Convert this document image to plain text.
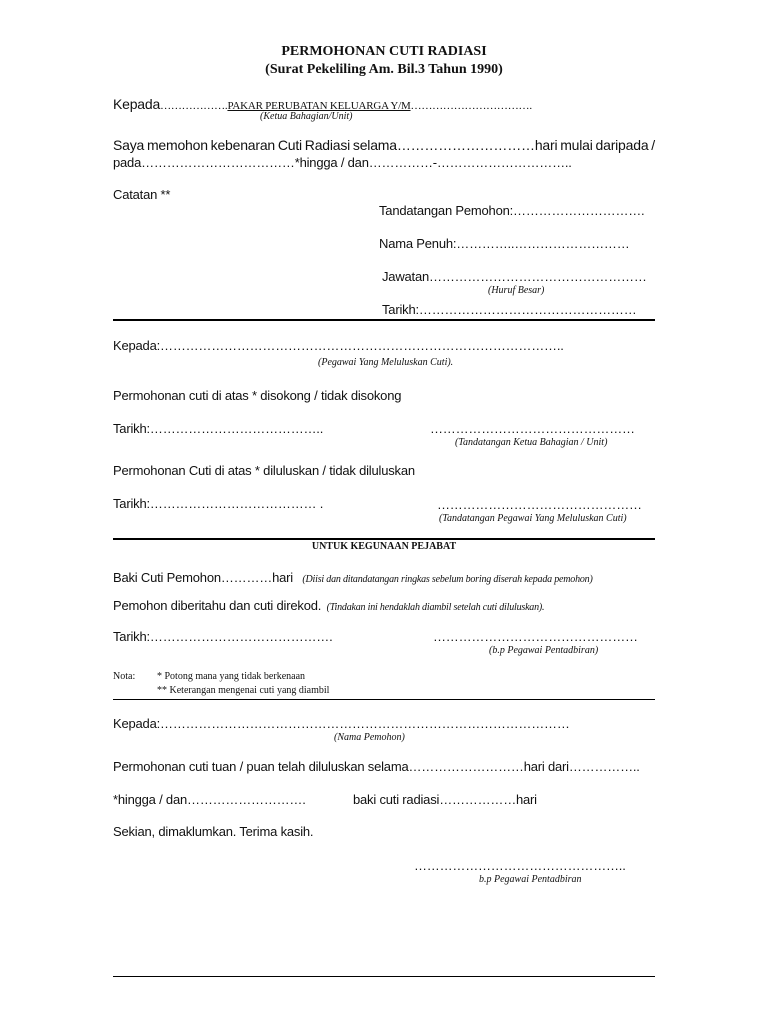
PERMOHONAN CUTI RADIASI
(Surat Pekeliling Am. Bil.3 Tahun 1990)
Kepada……………….PAKAR PERUBATAN KELUARGA Y/M…………………………….
(Ketua Bahagian/Unit)
Saya memohon kebenaran Cuti Radiasi selama…………………………hari mulai daripada /
pada………………………………*hingga / dan……………-…………………………..
Catatan **
Tandatangan Pemohon:………………………….
Nama Penuh:…………..………………………
Jawatan……………………………………………
(Huruf Besar)
Tarikh:……………………………………………
Kepada:…………………………………………………………………………………..
(Pegawai Yang Meluluskan Cuti).
Permohonan cuti di atas * disokong / tidak disokong
Tarikh:…………………………………..	…………………………………………
(Tandatangan Ketua Bahagian / Unit)
Permohonan Cuti di atas * diluluskan / tidak diluluskan
Tarikh:………………………………… .	…………………………………………
(Tandatangan Pegawai Yang Meluluskan Cuti)
UNTUK KEGUNAAN PEJABAT
Baki Cuti Pemohon…………hari (Diisi dan ditandatangan ringkas sebelum boring diserah kepada pemohon)
Pemohon diberitahu dan cuti direkod. (Tindakan ini hendaklah diambil setelah cuti diluluskan).
Tarikh:…………………………………….	…………………………………………
(b.p Pegawai Pentadbiran)
Nota: * Potong mana yang tidak berkenaan
** Keterangan mengenai cuti yang diambil
Kepada:……………………………………………………………………………………
(Nama Pemohon)
Permohonan cuti tuan / puan telah diluluskan selama………………………hari dari……………..
*hingga / dan……………………….	baki cuti radiasi………………hari
Sekian, dimaklumkan. Terima kasih.
…………………………………………..
b.p Pegawai Pentadbiran
